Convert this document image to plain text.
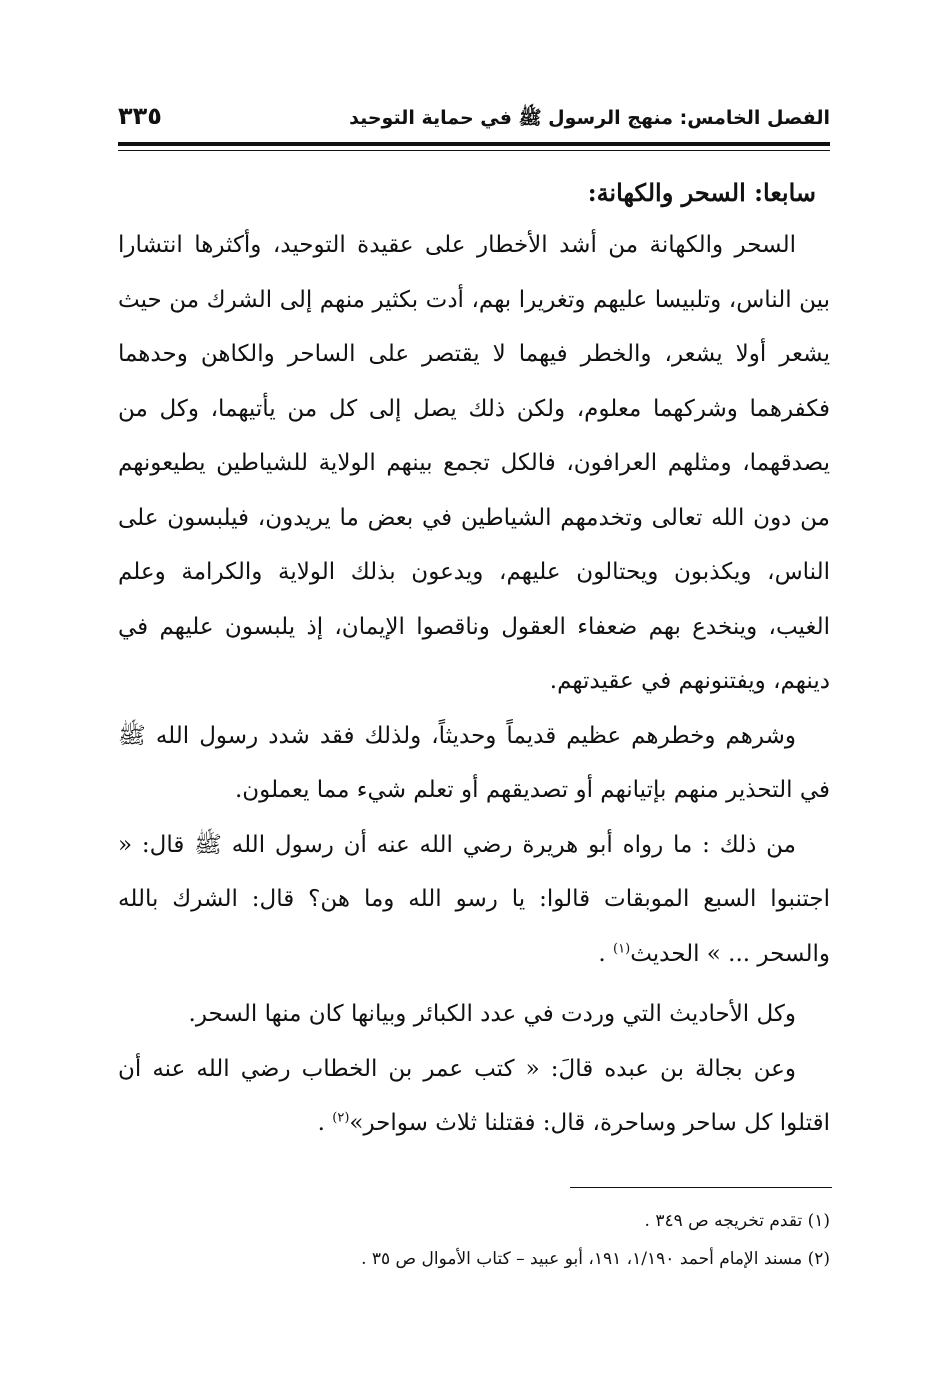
الفصل الخامس: منهج الرسول ﷺ في حماية التوحيد
٣٣٥

سابعا: السحر والكهانة:

السحر والكهانة من أشد الأخطار على عقيدة التوحيد، وأكثرها انتشارا بين الناس، وتلبيسا عليهم وتغريرا بهم، أدت بكثير منهم إلى الشرك من حيث يشعر أولا يشعر، والخطر فيهما لا يقتصر على الساحر والكاهن وحدهما فكفرهما وشركهما معلوم، ولكن ذلك يصل إلى كل من يأتيهما، وكل من يصدقهما، ومثلهم العرافون، فالكل تجمع بينهم الولاية للشياطين يطيعونهم من دون الله تعالى وتخدمهم الشياطين في بعض ما يريدون، فيلبسون على الناس، ويكذبون ويحتالون عليهم، ويدعون بذلك الولاية والكرامة وعلم الغيب، وينخدع بهم ضعفاء العقول وناقصوا الإيمان، إذ يلبسون عليهم في دينهم، ويفتنونهم في عقيدتهم.

وشرهم وخطرهم عظيم قديماً وحديثاً، ولذلك فقد شدد رسول الله ﷺ في التحذير منهم بإتيانهم أو تصديقهم أو تعلم شيء مما يعملون.

من ذلك : ما رواه أبو هريرة رضي الله عنه أن رسول الله ﷺ قال: « اجتنبوا السبع الموبقات قالوا: يا رسو الله وما هن؟ قال: الشرك بالله والسحر ... » الحديث$^{(١)}$ .

وكل الأحاديث التي وردت في عدد الكبائر وبيانها كان منها السحر.

وعن بجالة بن عبده قالَ: « كتب عمر بن الخطاب رضي الله عنه أن اقتلوا كل ساحر وساحرة، قال: فقتلنا ثلاث سواحر»$^{(٢)}$ .

(١) تقدم تخريجه ص ٣٤٩ .

(٢) مسند الإمام أحمد ١/١٩٠، ١٩١، أبو عبيد – كتاب الأموال ص ٣٥ .
